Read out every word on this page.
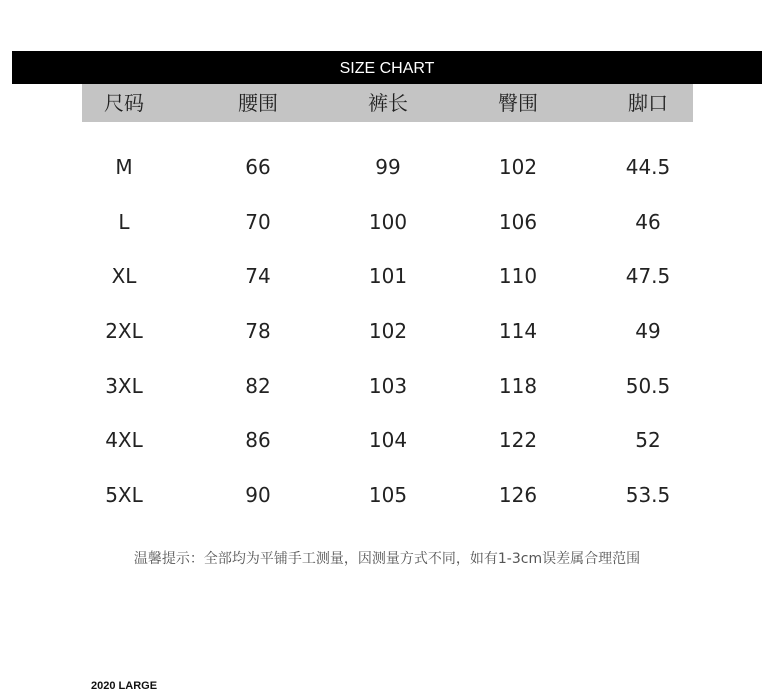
SIZE CHART
尺码	腰围	裤长	臀围	脚口
M	66	99	102	44.5
L	70	100	106	46
XL	74	101	110	47.5
2XL	78	102	114	49
3XL	82	103	118	50.5
4XL	86	104	122	52
5XL	90	105	126	53.5
温馨提示：全部均为平铺手工测量，因测量方式不同，如有1-3cm误差属合理范围
2020 LARGE
